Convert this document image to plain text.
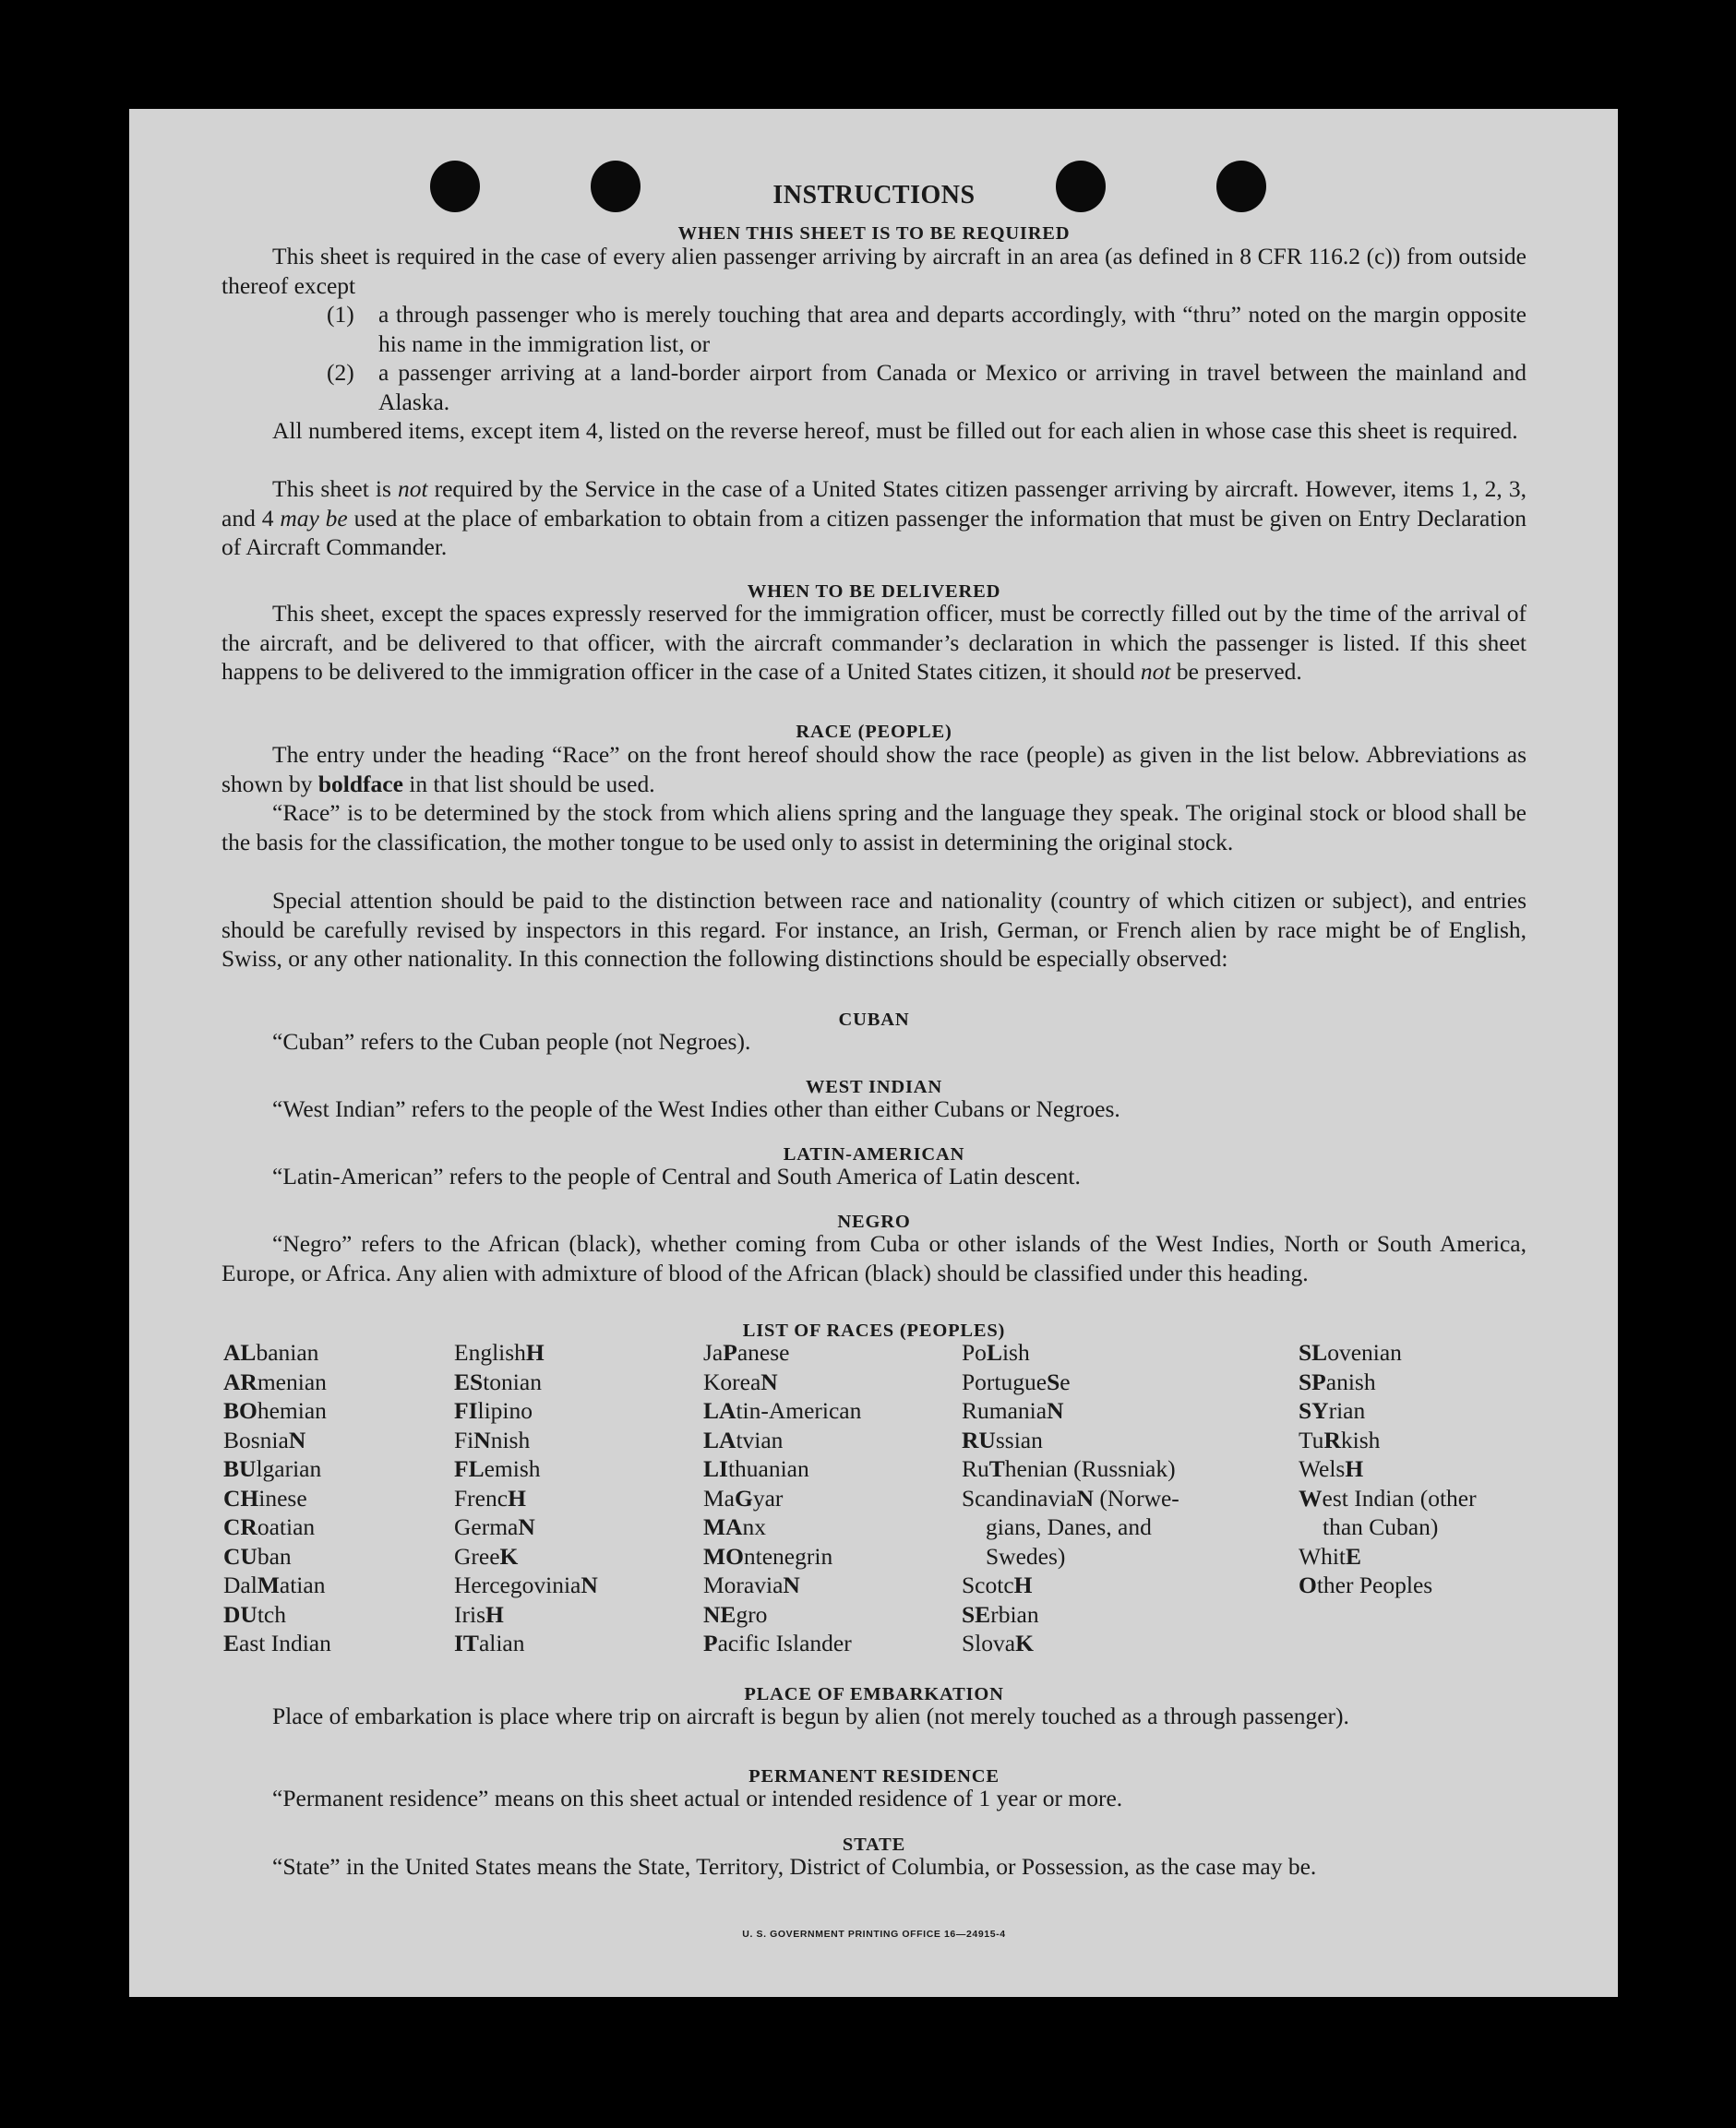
INSTRUCTIONS
WHEN THIS SHEET IS TO BE REQUIRED

This sheet is required in the case of every alien passenger arriving by aircraft in an area (as defined in 8 CFR 116.2 (c)) from outside thereof except

(1) a through passenger who is merely touching that area and departs accordingly, with “thru” noted on the margin opposite his name in the immigration list, or
(2) a passenger arriving at a land-border airport from Canada or Mexico or arriving in travel between the mainland and Alaska.

All numbered items, except item 4, listed on the reverse hereof, must be filled out for each alien in whose case this sheet is required.

This sheet is not required by the Service in the case of a United States citizen passenger arriving by aircraft. However, items 1, 2, 3, and 4 may be used at the place of embarkation to obtain from a citizen passenger the information that must be given on Entry Declaration of Aircraft Commander.

WHEN TO BE DELIVERED

This sheet, except the spaces expressly reserved for the immigration officer, must be correctly filled out by the time of the arrival of the aircraft, and be delivered to that officer, with the aircraft commander’s declaration in which the passenger is listed. If this sheet happens to be delivered to the immigration officer in the case of a United States citizen, it should not be preserved.

RACE (PEOPLE)

The entry under the heading “Race” on the front hereof should show the race (people) as given in the list below. Abbreviations as shown by boldface in that list should be used.

“Race” is to be determined by the stock from which aliens spring and the language they speak. The original stock or blood shall be the basis for the classification, the mother tongue to be used only to assist in determining the original stock.

Special attention should be paid to the distinction between race and nationality (country of which citizen or subject), and entries should be carefully revised by inspectors in this regard. For instance, an Irish, German, or French alien by race might be of English, Swiss, or any other nationality. In this connection the following distinctions should be especially observed:

CUBAN

“Cuban” refers to the Cuban people (not Negroes).

WEST INDIAN

“West Indian” refers to the people of the West Indies other than either Cubans or Negroes.

LATIN-AMERICAN

“Latin-American” refers to the people of Central and South America of Latin descent.

NEGRO

“Negro” refers to the African (black), whether coming from Cuba or other islands of the West Indies, North or South America, Europe, or Africa. Any alien with admixture of blood of the African (black) should be classified under this heading.

LIST OF RACES (PEOPLES)
ALbanian
ARmenian
BOhemian
BosniaN
BUlgarian
CHinese
CRoatian
CUban
DalMatian
DUtch
East Indian
EnglishH
EStonian
FIlipino
FiNnish
FLemish
FrencH
GermaN
GreeK
HercegoviniaN
IrisH
ITalian
JaPanese
KoreaN
LAtin-American
LAtvian
LIthuanian
MaGyar
MAnx
MOntenegrin
MoraviaN
NEgro
Pacific Islander
PoLish
PortugueSe
RumaniaN
RUssian
RuThenian (Russniak)
ScandinaviaN (Norwe-
gians, Danes, and
Swedes)
ScotcH
SErbian
SlovaK
SLovenian
SPanish
SYrian
TuRkish
WelsH
West Indian (other
than Cuban)
WhitE
Other Peoples
PLACE OF EMBARKATION

Place of embarkation is place where trip on aircraft is begun by alien (not merely touched as a through passenger).

PERMANENT RESIDENCE

“Permanent residence” means on this sheet actual or intended residence of 1 year or more.

STATE

“State” in the United States means the State, Territory, District of Columbia, or Possession, as the case may be.

U. S. GOVERNMENT PRINTING OFFICE 16—24915-4
